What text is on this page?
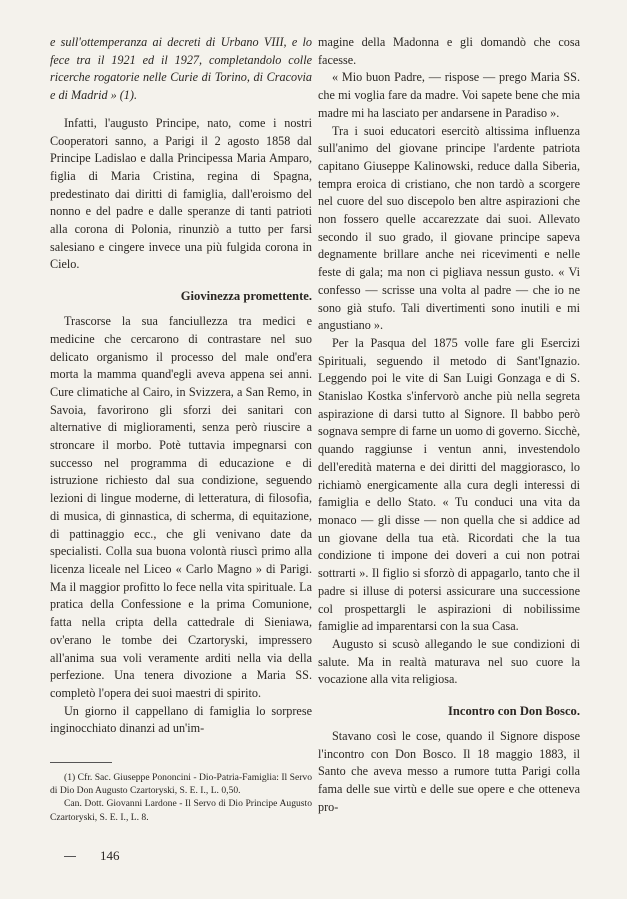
e sull'ottemperanza ai decreti di Urbano VIII, e lo fece tra il 1921 ed il 1927, completandolo colle ricerche rogatorie nelle Curie di Torino, di Cracovia e di Madrid » (1).

Infatti, l'augusto Principe, nato, come i nostri Cooperatori sanno, a Parigi il 2 agosto 1858 dal Principe Ladislao e dalla Principessa Maria Amparo, figlia di Maria Cristina, regina di Spagna, predestinato dai diritti di famiglia, dall'eroismo del nonno e del padre e dalle speranze di tanti patrioti alla corona di Polonia, rinunziò a tutto per farsi salesiano e cingere invece una più fulgida corona in Cielo.

Giovinezza promettente.

Trascorse la sua fanciullezza tra medici e medicine che cercarono di contrastare nel suo delicato organismo il processo del male ond'era morta la mamma quand'egli aveva appena sei anni. Cure climatiche al Cairo, in Svizzera, a San Remo, in Savoia, favorirono gli sforzi dei sanitari con alternative di miglioramenti, senza però riuscire a stroncare il morbo. Potè tuttavia impegnarsi con successo nel programma di educazione e di istruzione richiesto dal sua condizione, seguendo lezioni di lingue moderne, di letteratura, di filosofia, di musica, di ginnastica, di scherma, di equitazione, di pattinaggio ecc., che gli venivano date da specialisti. Colla sua buona volontà riuscì primo alla licenza liceale nel Liceo « Carlo Magno » di Parigi. Ma il maggior profitto lo fece nella vita spirituale. La pratica della Confessione e la prima Comunione, fatta nella cripta della cattedrale di Sieniawa, ov'erano le tombe dei Czartoryski, impressero all'anima sua voli veramente arditi nella via della perfezione. Una tenera divozione a Maria SS. completò l'opera dei suoi maestri di spirito.

Un giorno il cappellano di famiglia lo sorprese inginocchiato dinanzi ad un'im-

(1) Cfr. Sac. Giuseppe Pononcini - Dio-Patria-Famiglia: Il Servo di Dio Don Augusto Czartoryski, S. E. I., L. 0,50.

Can. Dott. Giovanni Lardone - Il Servo di Dio Principe Augusto Czartoryski, S. E. I., L. 8.

magine della Madonna e gli domandò che cosa facesse.

« Mio buon Padre, — rispose — prego Maria SS. che mi voglia fare da madre. Voi sapete bene che mia madre mi ha lasciato per andarsene in Paradiso ».

Tra i suoi educatori esercitò altissima influenza sull'animo del giovane principe l'ardente patriota capitano Giuseppe Kalinowski, reduce dalla Siberia, tempra eroica di cristiano, che non tardò a scorgere nel cuore del suo discepolo ben altre aspirazioni che non fossero quelle accarezzate dai suoi. Allevato secondo il suo grado, il giovane principe sapeva degnamente brillare anche nei ricevimenti e nelle feste di gala; ma non ci pigliava nessun gusto. « Vi confesso — scrisse una volta al padre — che io ne sono già stufo. Tali divertimenti sono inutili e mi angustiano ».

Per la Pasqua del 1875 volle fare gli Esercizi Spirituali, seguendo il metodo di Sant'Ignazio. Leggendo poi le vite di San Luigi Gonzaga e di S. Stanislao Kostka s'infervorò anche più nella segreta aspirazione di darsi tutto al Signore. Il babbo però sognava sempre di farne un uomo di governo. Sicchè, quando raggiunse i ventun anni, investendolo dell'eredità materna e dei diritti del maggiorasco, lo richiamò energicamente alla cura degli interessi di famiglia e dello Stato. « Tu conduci una vita da monaco — gli disse — non quella che si addice ad un giovane della tua età. Ricordati che la tua condizione ti impone dei doveri a cui non potrai sottrarti ». Il figlio si sforzò di appagarlo, tanto che il padre si illuse di potersi assicurare una successione col prospettargli le aspirazioni di nobilissime famiglie ad imparentarsi con la sua Casa.

Augusto si scusò allegando le sue condizioni di salute. Ma in realtà maturava nel suo cuore la vocazione alla vita religiosa.

Incontro con Don Bosco.

Stavano così le cose, quando il Signore dispose l'incontro con Don Bosco. Il 18 maggio 1883, il Santo che aveva messo a rumore tutta Parigi colla fama delle sue virtù e delle sue opere e che otteneva pro-

146
